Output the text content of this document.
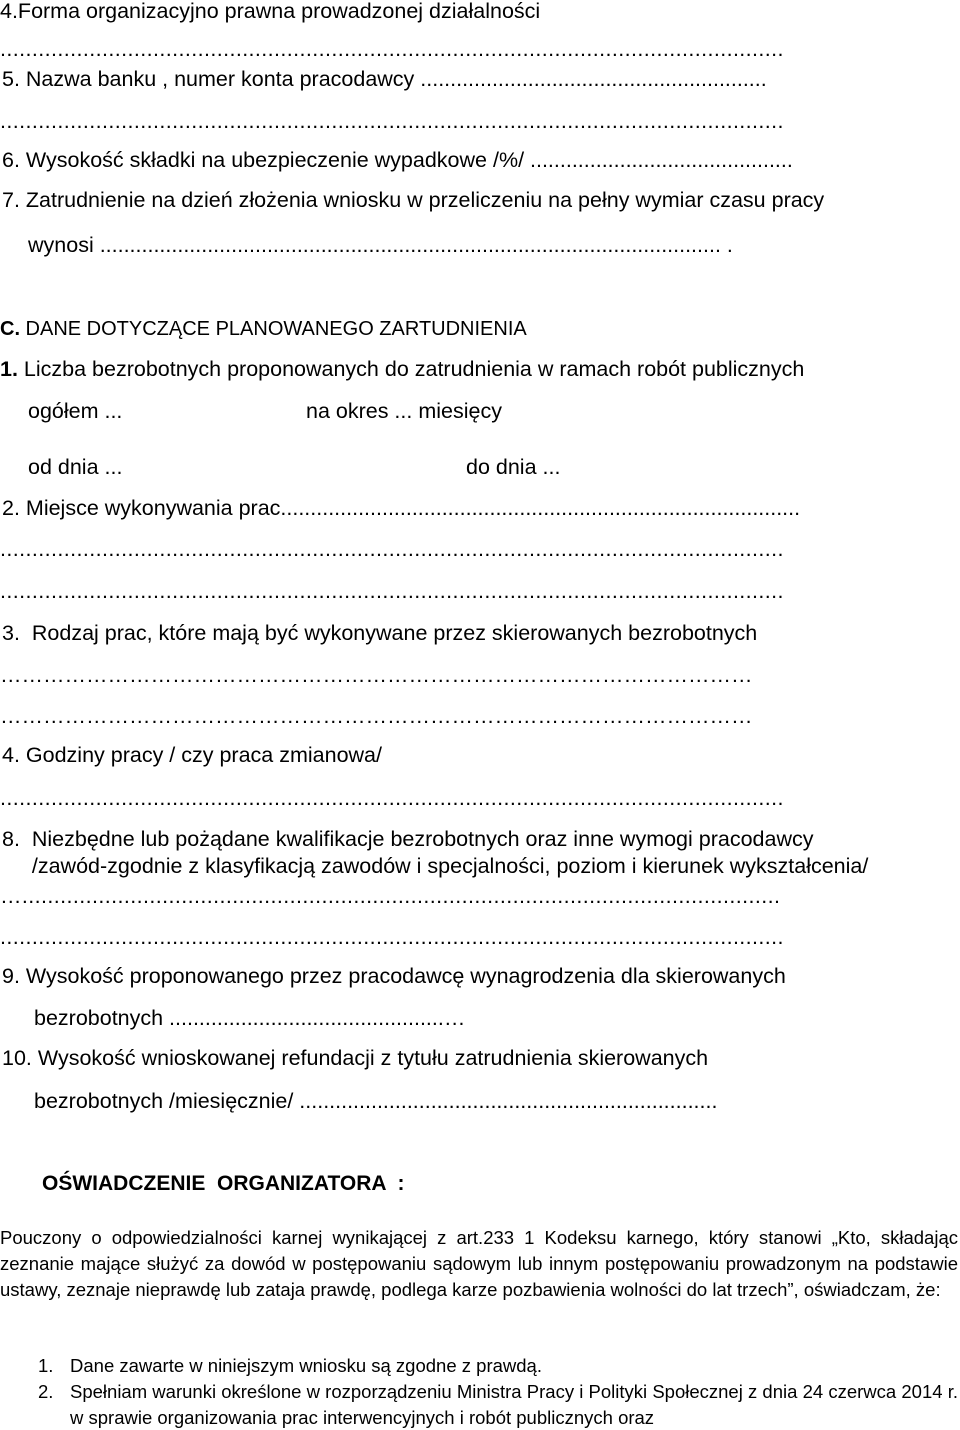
4.Forma organizacyjno prawna prowadzonej działalności
...........................................................................................................................
5. Nazwa banku , numer konta pracodawcy ..........................................................
...........................................................................................................................
6. Wysokość składki na ubezpieczenie wypadkowe /%/ ............................................
7. Zatrudnienie na dzień złożenia wniosku w przeliczeniu na pełny wymiar czasu pracy
wynosi ........................................................................................................ .
C. DANE DOTYCZĄCE PLANOWANEGO ZARTUDNIENIA
1. Liczba bezrobotnych proponowanych do zatrudnienia w ramach robót publicznych
ogółem ...	na okres ... miesięcy
od dnia ...	do dnia ...
2. Miejsce wykonywania prac.......................................................................................
...........................................................................................................................
...........................................................................................................................
3.  Rodzaj prac, które mają być wykonywane przez skierowanych bezrobotnych
……………………………………………………………………………………………
……………………………………………………………………………………………
4. Godziny pracy / czy praca zmianowa/
...........................................................................................................................
8.  Niezbędne lub pożądane kwalifikacje bezrobotnych oraz inne wymogi pracodawcy
/zawód-zgodnie z klasyfikacją zawodów i specjalności, poziom i kierunek wykształcenia/
….......................................................................................................................
...........................................................................................................................
9. Wysokość proponowanego przez pracodawcę wynagrodzenia dla skierowanych
bezrobotnych ..............................................…
10. Wysokość wnioskowanej refundacji z tytułu zatrudnienia skierowanych
bezrobotnych /miesięcznie/ ......................................................................
OŚWIADCZENIE  ORGANIZATORA  :
Pouczony o odpowiedzialności karnej wynikającej z art.233 1 Kodeksu karnego, który stanowi „Kto, składając zeznanie mające służyć za dowód w postępowaniu sądowym lub innym postępowaniu prowadzonym na podstawie ustawy, zeznaje nieprawdę lub zataja prawdę, podlega karze pozbawienia wolności do lat trzech”, oświadczam, że:
1. Dane zawarte w niniejszym wniosku są zgodne z prawdą.
2. Spełniam warunki określone w rozporządzeniu Ministra Pracy i Polityki Społecznej z dnia 24 czerwca 2014 r. w sprawie organizowania prac interwencyjnych i robót publicznych oraz
